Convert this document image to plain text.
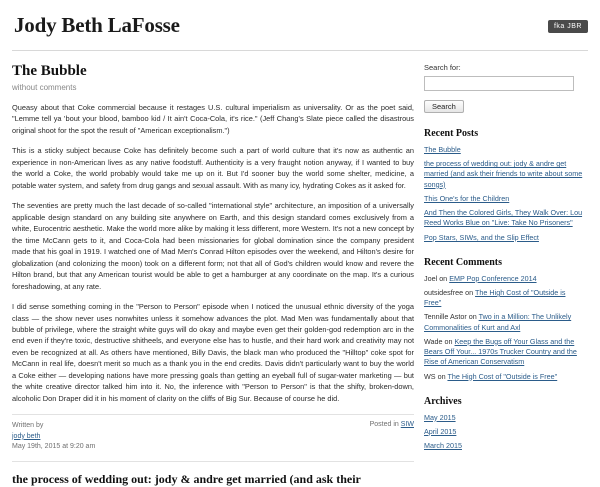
Jody Beth LaFosse	fka JBR
The Bubble
without comments

Queasy about that Coke commercial because it restages U.S. cultural imperialism as universality. Or as the poet said, "Lemme tell ya 'bout your blood, bamboo kid / It ain't Coca-Cola, it's rice." (Jeff Chang's Slate piece called the disastrous original shoot for the spot the result of "American exceptionalism.")

This is a sticky subject because Coke has definitely become such a part of world culture that it's now as authentic an experience in non-American lives as any native foodstuff. Authenticity is a very fraught notion anyway, if I wanted to buy the world a Coke, the world probably would take me up on it. But I'd sooner buy the world some shelter, medicine, a potable water system, and safety from drug gangs and sexual assault. With as many icy, hydrating Cokes as it asked for.

The seventies are pretty much the last decade of so-called "international style" architecture, an imposition of a universally applicable design standard on any building site anywhere on Earth, and this design standard comes exclusively from a white, Eurocentric aesthetic. Make the world more alike by making it less different, more Western. It's not a new concept by the time McCann gets to it, and Coca-Cola had been missionaries for global domination since the company president made that his goal in 1919. I watched one of Mad Men's Conrad Hilton episodes over the weekend, and Hilton's desire for globalization (and colonizing the moon) took on a different form; not that all of God's children would know and revere the Hilton brand, but that any American tourist would be able to get a hamburger at any coordinate on the map. It's a curious foreshadowing, at any rate.

I did sense something coming in the "Person to Person" episode when I noticed the unusual ethnic diversity of the yoga class — the show never uses nonwhites unless it somehow advances the plot. Mad Men was fundamentally about that bubble of privilege, where the straight white guys will do okay and maybe even get their golden-god redemption arc in the end even if they're toxic, destructive shitheels, and everyone else has to hustle, and their hard work and creativity may not even be recognized at all. As others have mentioned, Billy Davis, the black man who produced the "Hilltop" coke spot for McCann in real life, doesn't merit so much as a thank you in the end credits. Davis didn't particularly want to buy the world a Coke either — developing nations have more pressing goals than getting an eyeball full of sugar-water marketing — but the white creative director talked him into it. No, the inference with "Person to Person" is that the shifty, broken-down, alcoholic Don Draper did it in his moment of clarity on the cliffs of Big Sur. Because of course he did.

Written by
jody beth
May 19th, 2015 at 9:20 am
Posted in SIW
the process of wedding out: jody & andre get married (and ask their
Search for:
Search
Recent Posts
The Bubble
the process of wedding out: jody & andre get married (and ask their friends to write about some songs)
This One's for the Children
And Then the Colored Girls, They Walk Over: Lou Reed Works Blue on "Live: Take No Prisoners"
Pop Stars, SIWs, and the Slip Effect
Recent Comments
Joel on EMP Pop Conference 2014
outsidesfree on The High Cost of "Outside is Free"
Tennille Astor on Two in a Million: The Unlikely Commonalities of Kurt and Axl
Wade on Keep the Bugs off Your Glass and the Bears Off Your... 1970s Trucker Country and the Rise of American Conservatism
WS on The High Cost of "Outside is Free"
Archives
May 2015
April 2015
March 2015
